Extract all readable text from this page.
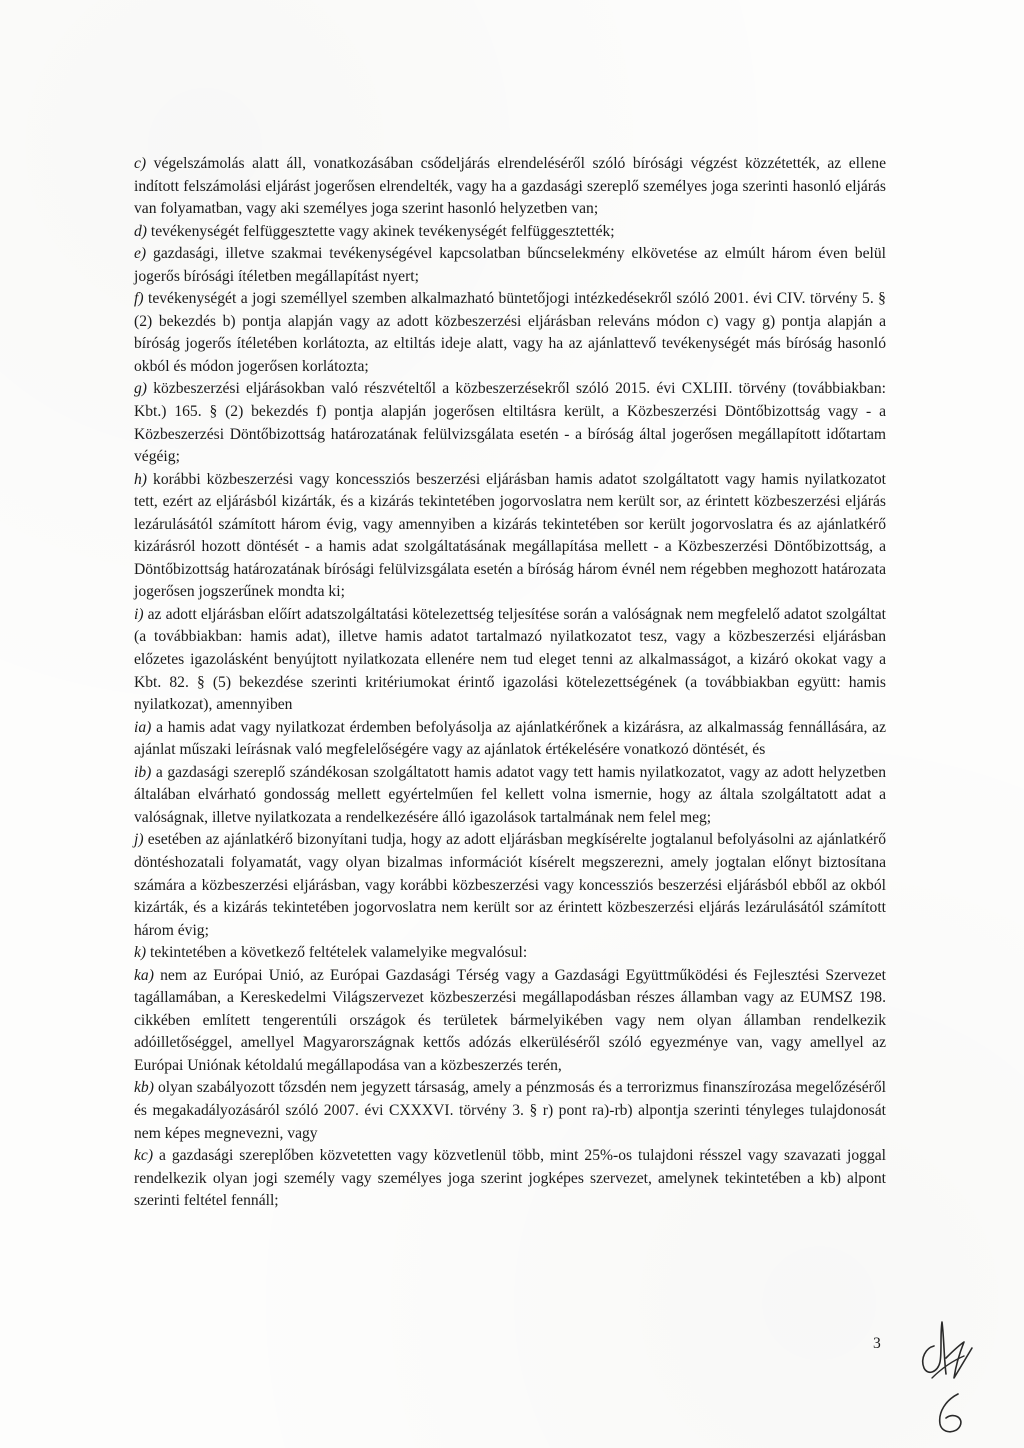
c) végelszámolás alatt áll, vonatkozásában csődeljárás elrendeléséről szóló bírósági végzést közzétették, az ellene indított felszámolási eljárást jogerősen elrendelték, vagy ha a gazdasági szereplő személyes joga szerinti hasonló eljárás van folyamatban, vagy aki személyes joga szerint hasonló helyzetben van;

d) tevékenységét felfüggesztette vagy akinek tevékenységét felfüggesztették;

e) gazdasági, illetve szakmai tevékenységével kapcsolatban bűncselekmény elkövetése az elmúlt három éven belül jogerős bírósági ítéletben megállapítást nyert;

f) tevékenységét a jogi személlyel szemben alkalmazható büntetőjogi intézkedésekről szóló 2001. évi CIV. törvény 5. § (2) bekezdés b) pontja alapján vagy az adott közbeszerzési eljárásban releváns módon c) vagy g) pontja alapján a bíróság jogerős ítéletében korlátozta, az eltiltás ideje alatt, vagy ha az ajánlattevő tevékenységét más bíróság hasonló okból és módon jogerősen korlátozta;

g) közbeszerzési eljárásokban való részvételtől a közbeszerzésekről szóló 2015. évi CXLIII. törvény (továbbiakban: Kbt.) 165. § (2) bekezdés f) pontja alapján jogerősen eltiltásra került, a Közbeszerzési Döntőbizottság vagy - a Közbeszerzési Döntőbizottság határozatának felülvizsgálata esetén - a bíróság által jogerősen megállapított időtartam végéig;

h) korábbi közbeszerzési vagy koncessziós beszerzési eljárásban hamis adatot szolgáltatott vagy hamis nyilatkozatot tett, ezért az eljárásból kizárták, és a kizárás tekintetében jogorvoslatra nem került sor, az érintett közbeszerzési eljárás lezárulásától számított három évig, vagy amennyiben a kizárás tekintetében sor került jogorvoslatra és az ajánlatkérő kizárásról hozott döntését - a hamis adat szolgáltatásának megállapítása mellett - a Közbeszerzési Döntőbizottság, a Döntőbizottság határozatának bírósági felülvizsgálata esetén a bíróság három évnél nem régebben meghozott határozata jogerősen jogszerűnek mondta ki;

i) az adott eljárásban előírt adatszolgáltatási kötelezettség teljesítése során a valóságnak nem megfelelő adatot szolgáltat (a továbbiakban: hamis adat), illetve hamis adatot tartalmazó nyilatkozatot tesz, vagy a közbeszerzési eljárásban előzetes igazolásként benyújtott nyilatkozata ellenére nem tud eleget tenni az alkalmasságot, a kizáró okokat vagy a Kbt. 82. § (5) bekezdése szerinti kritériumokat érintő igazolási kötelezettségének (a továbbiakban együtt: hamis nyilatkozat), amennyiben

ia) a hamis adat vagy nyilatkozat érdemben befolyásolja az ajánlatkérőnek a kizárásra, az alkalmasság fennállására, az ajánlat műszaki leírásnak való megfelelőségére vagy az ajánlatok értékelésére vonatkozó döntését, és

ib) a gazdasági szereplő szándékosan szolgáltatott hamis adatot vagy tett hamis nyilatkozatot, vagy az adott helyzetben általában elvárható gondosság mellett egyértelműen fel kellett volna ismernie, hogy az általa szolgáltatott adat a valóságnak, illetve nyilatkozata a rendelkezésére álló igazolások tartalmának nem felel meg;

j) esetében az ajánlatkérő bizonyítani tudja, hogy az adott eljárásban megkísérelte jogtalanul befolyásolni az ajánlatkérő döntéshozatali folyamatát, vagy olyan bizalmas információt kísérelt megszerezni, amely jogtalan előnyt biztosítana számára a közbeszerzési eljárásban, vagy korábbi közbeszerzési vagy koncessziós beszerzési eljárásból ebből az okból kizárták, és a kizárás tekintetében jogorvoslatra nem került sor az érintett közbeszerzési eljárás lezárulásától számított három évig;

k) tekintetében a következő feltételek valamelyike megvalósul:

ka) nem az Európai Unió, az Európai Gazdasági Térség vagy a Gazdasági Együttműködési és Fejlesztési Szervezet tagállamában, a Kereskedelmi Világszervezet közbeszerzési megállapodásban részes államban vagy az EUMSZ 198. cikkében említett tengerentúli országok és területek bármelyikében vagy nem olyan államban rendelkezik adóilletőséggel, amellyel Magyarországnak kettős adózás elkerüléséről szóló egyezménye van, vagy amellyel az Európai Uniónak kétoldalú megállapodása van a közbeszerzés terén,

kb) olyan szabályozott tőzsdén nem jegyzett társaság, amely a pénzmosás és a terrorizmus finanszírozása megelőzéséről és megakadályozásáról szóló 2007. évi CXXXVI. törvény 3. § r) pont ra)-rb) alpontja szerinti tényleges tulajdonosát nem képes megnevezni, vagy

kc) a gazdasági szereplőben közvetetten vagy közvetlenül több, mint 25%-os tulajdoni résszel vagy szavazati joggal rendelkezik olyan jogi személy vagy személyes joga szerint jogképes szervezet, amelynek tekintetében a kb) alpont szerinti feltétel fennáll;

3
